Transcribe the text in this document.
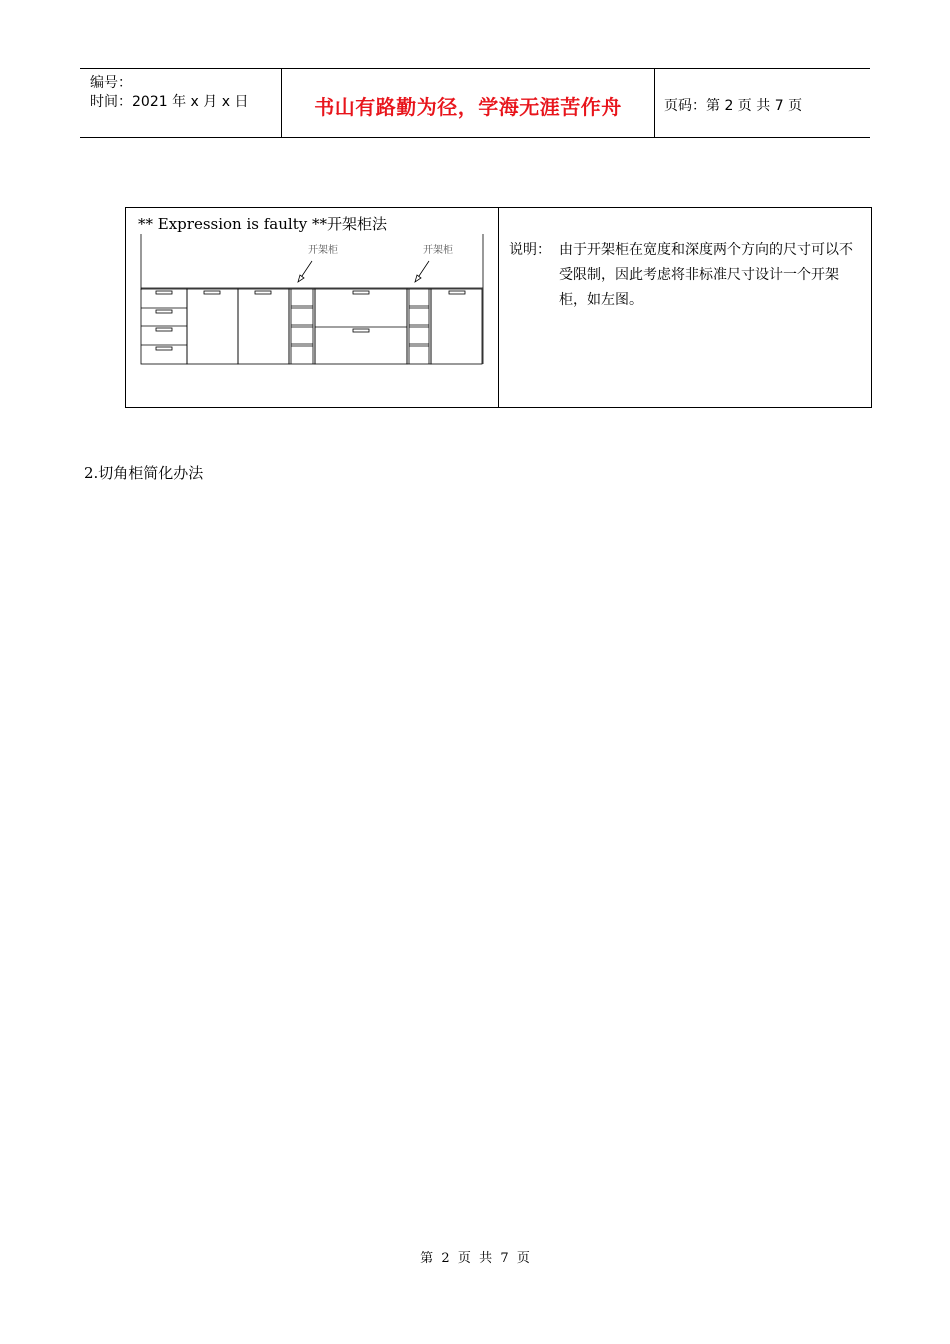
编号：
时间：2021 年 x 月 x 日	书山有路勤为径，学海无涯苦作舟	页码：第 2 页 共 7 页
** Expression is faulty **开架柜法
开架柜	开架柜	说明： 由于开架柜在宽度和深度两个方向的尺寸可以不受限制，因此考虑将非标准尺寸设计一个开架柜，如左图。
2.切角柜简化办法
第  2  页  共  7  页
